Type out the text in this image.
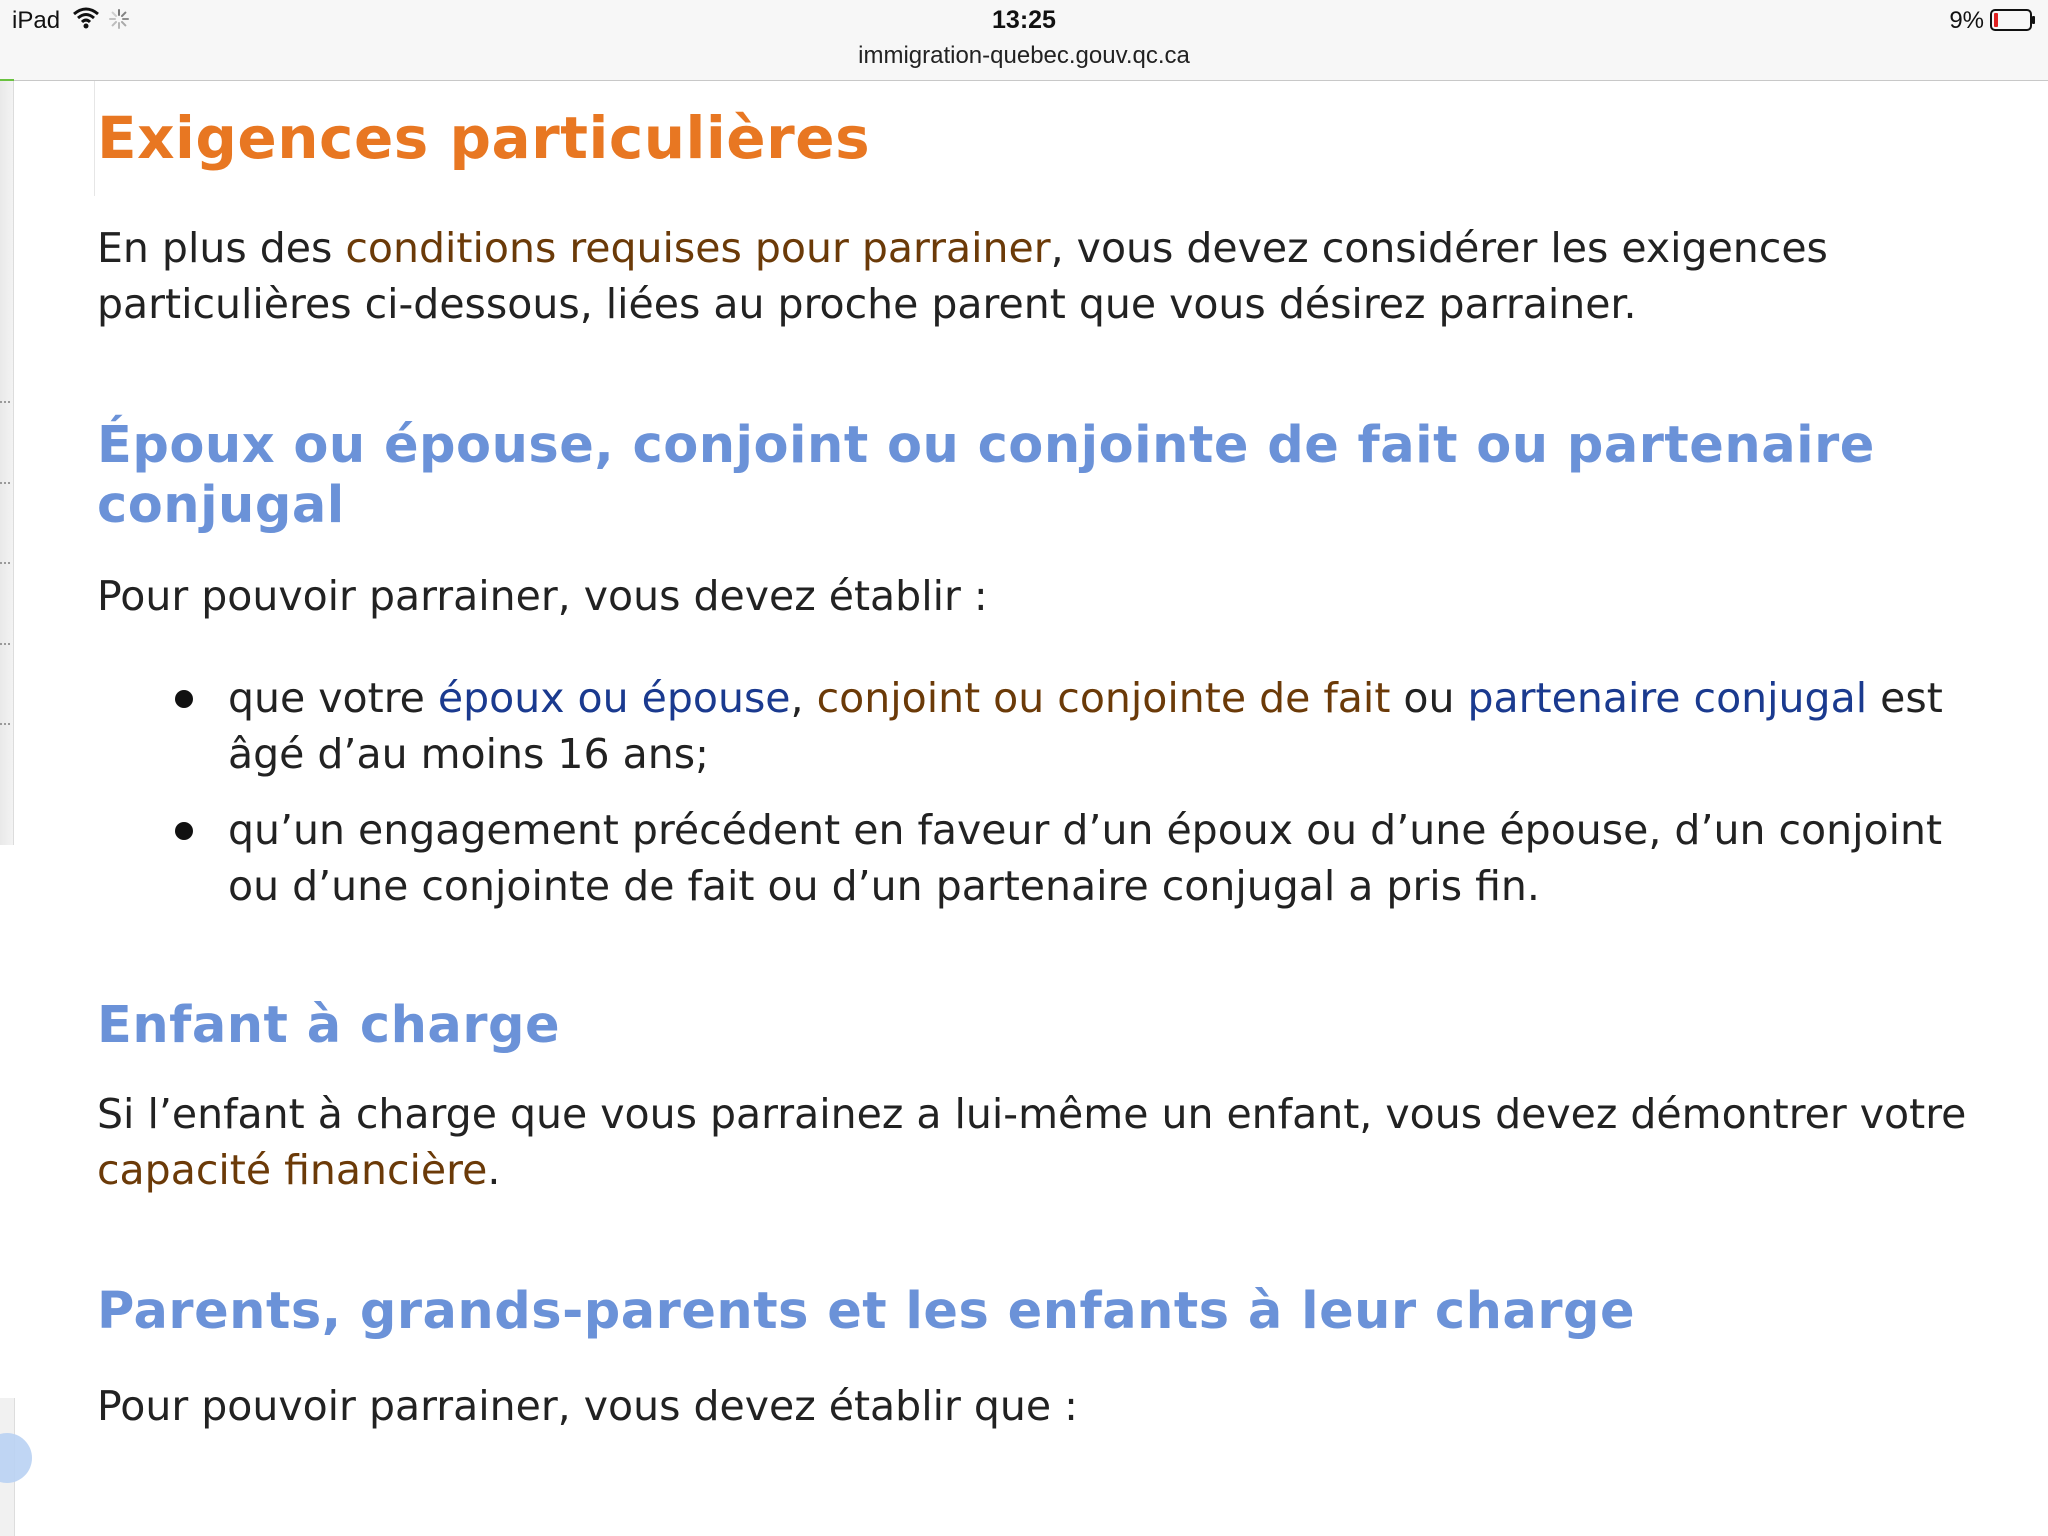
iPad	13:25
immigration-quebec.gouv.qc.ca
9%
Exigences particulières

En plus des conditions requises pour parrainer, vous devez considérer les exigences particulières ci-dessous, liées au proche parent que vous désirez parrainer.

Époux ou épouse, conjoint ou conjointe de fait ou partenaire conjugal

Pour pouvoir parrainer, vous devez établir :

que votre époux ou épouse, conjoint ou conjointe de fait ou partenaire conjugal est âgé d’au moins 16 ans;
qu’un engagement précédent en faveur d’un époux ou d’une épouse, d’un conjoint ou d’une conjointe de fait ou d’un partenaire conjugal a pris fin.
Enfant à charge

Si l’enfant à charge que vous parrainez a lui-même un enfant, vous devez démontrer votre capacité financière.

Parents, grands-parents et les enfants à leur charge

Pour pouvoir parrainer, vous devez établir que :
